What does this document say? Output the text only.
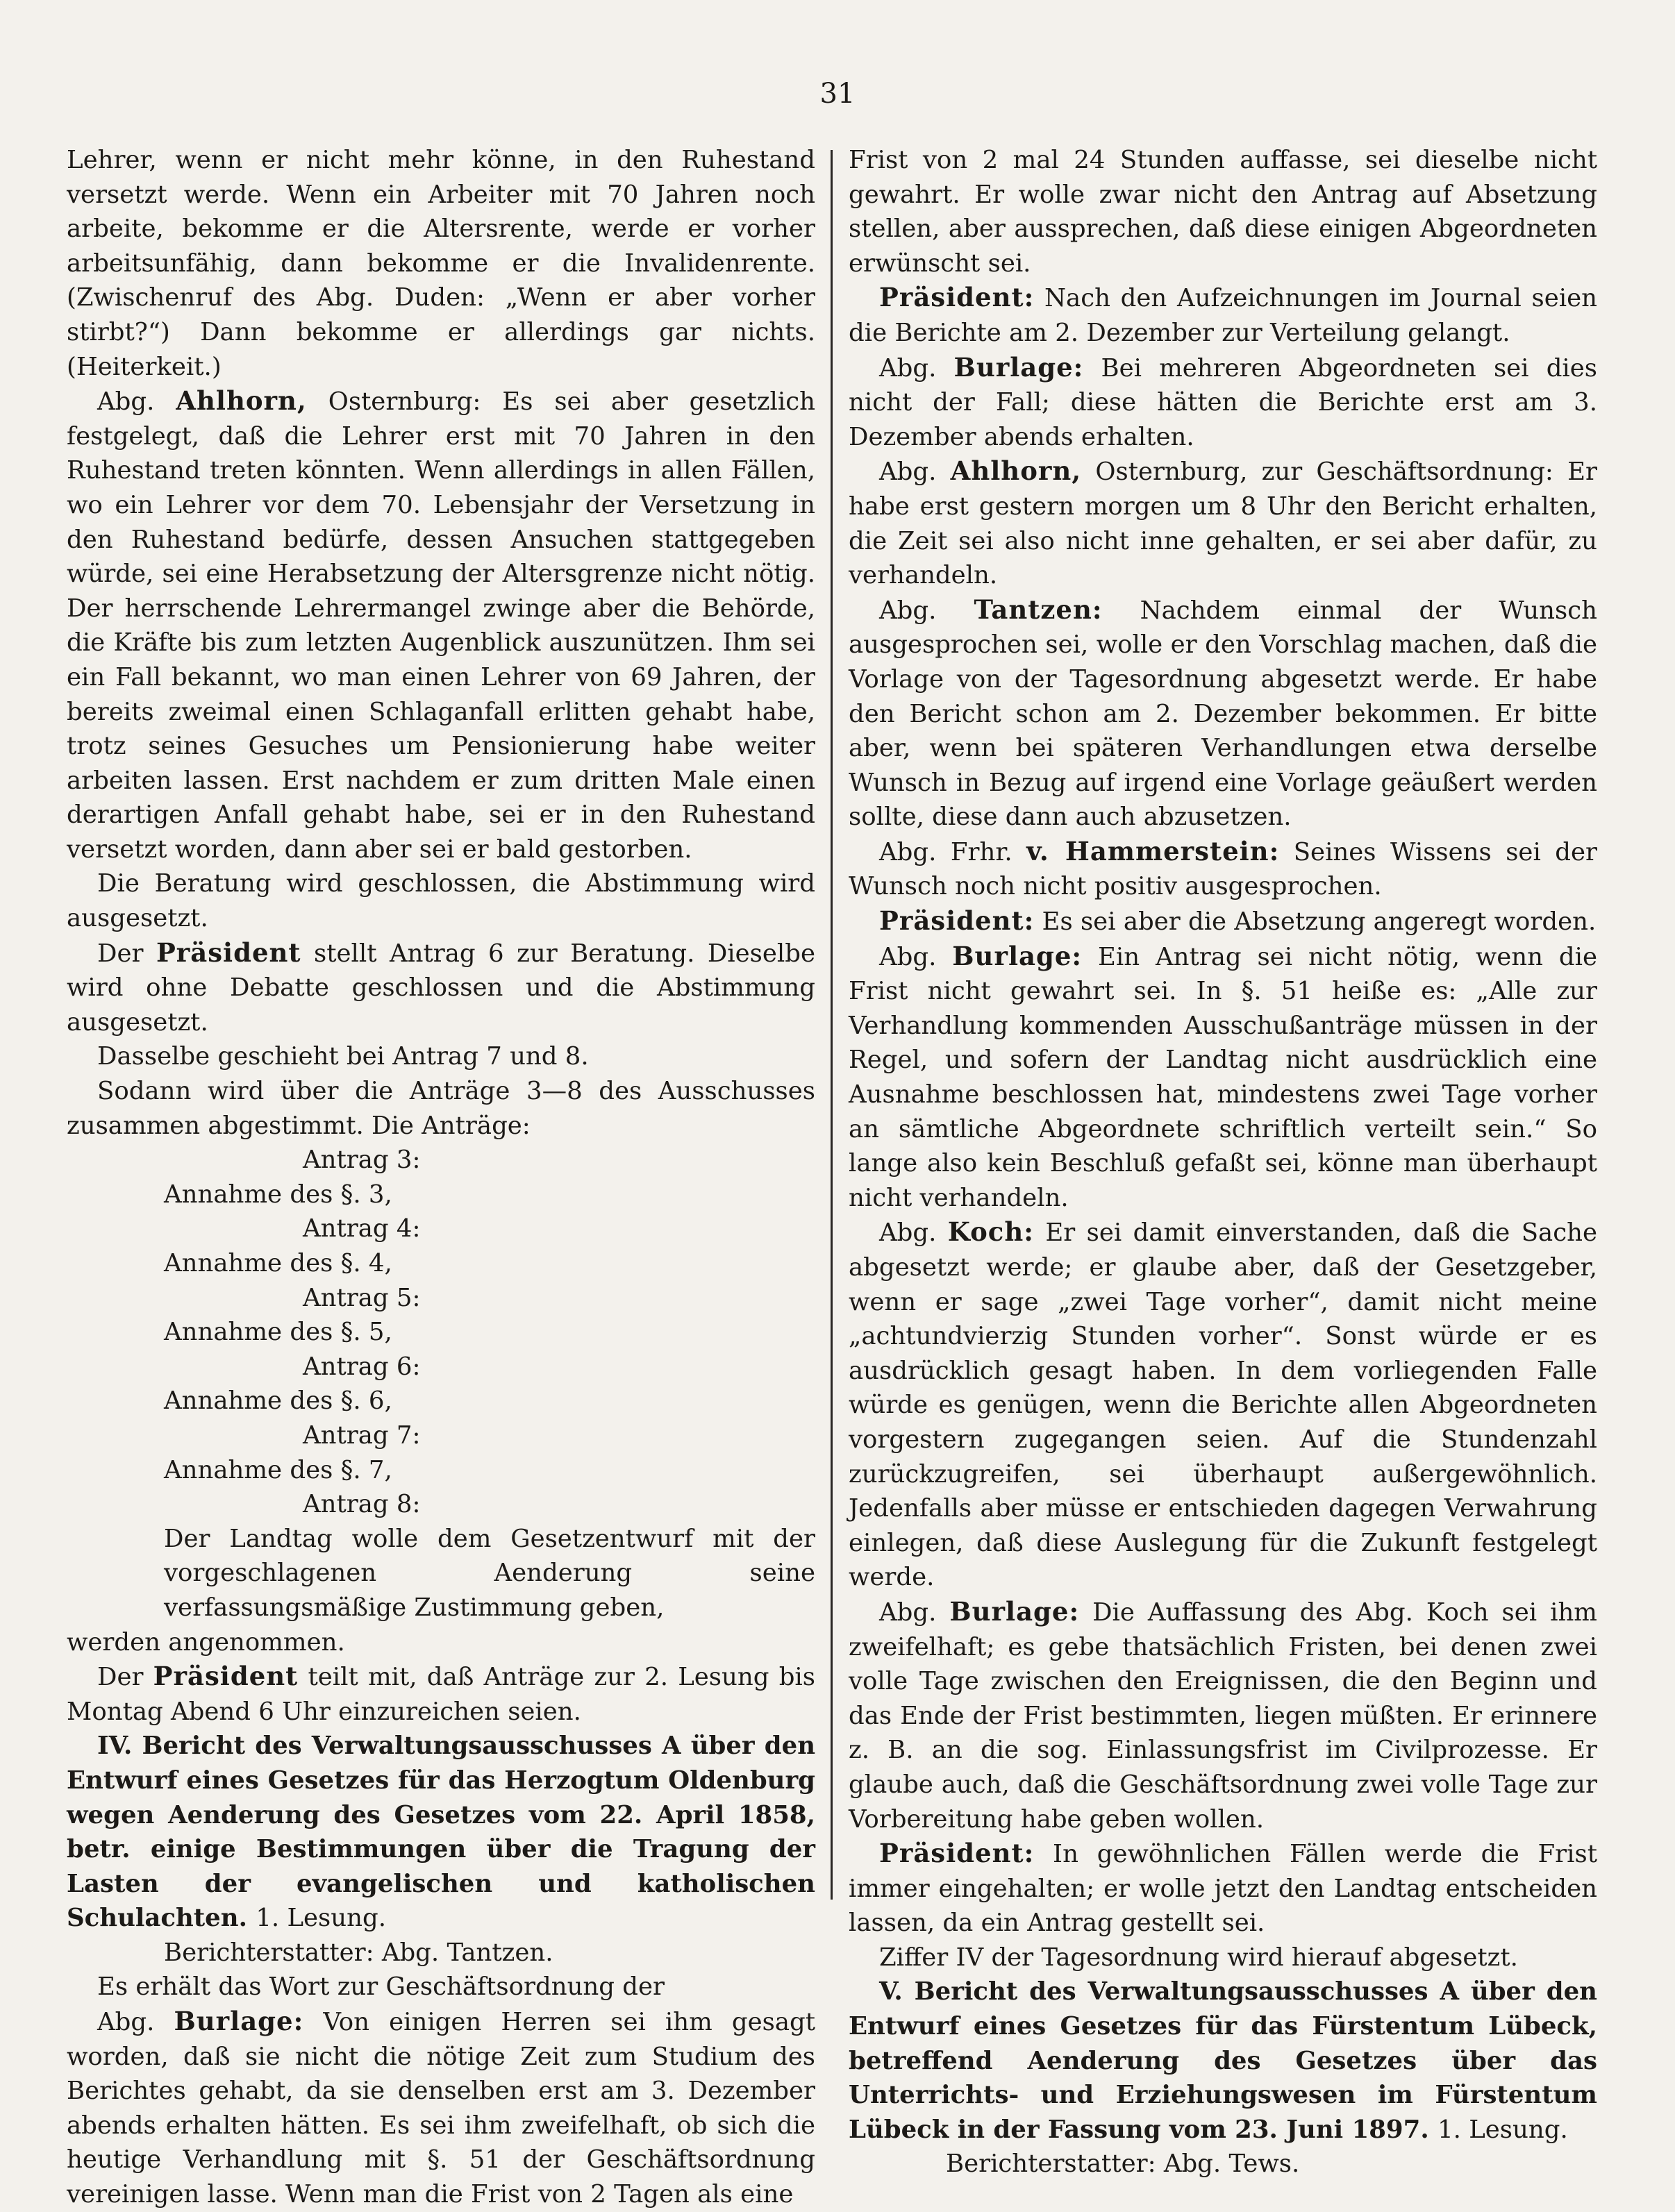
31

Lehrer, wenn er nicht mehr könne, in den Ruhestand versetzt werde. Wenn ein Arbeiter mit 70 Jahren noch arbeite, bekomme er die Altersrente, werde er vorher arbeitsunfähig, dann bekomme er die Invalidenrente. (Zwischenruf des Abg. Duden: „Wenn er aber vorher stirbt?“) Dann bekomme er allerdings gar nichts. (Heiterkeit.)

Abg. Ahlhorn, Osternburg: Es sei aber gesetzlich festgelegt, daß die Lehrer erst mit 70 Jahren in den Ruhestand treten könnten. Wenn allerdings in allen Fällen, wo ein Lehrer vor dem 70. Lebensjahr der Versetzung in den Ruhestand bedürfe, dessen Ansuchen stattgegeben würde, sei eine Herabsetzung der Altersgrenze nicht nötig. Der herrschende Lehrermangel zwinge aber die Behörde, die Kräfte bis zum letzten Augenblick auszunützen. Ihm sei ein Fall bekannt, wo man einen Lehrer von 69 Jahren, der bereits zweimal einen Schlaganfall erlitten gehabt habe, trotz seines Gesuches um Pensionierung habe weiter arbeiten lassen. Erst nachdem er zum dritten Male einen derartigen Anfall gehabt habe, sei er in den Ruhestand versetzt worden, dann aber sei er bald gestorben.

Die Beratung wird geschlossen, die Abstimmung wird ausgesetzt.

Der Präsident stellt Antrag 6 zur Beratung. Dieselbe wird ohne Debatte geschlossen und die Abstimmung ausgesetzt.

Dasselbe geschieht bei Antrag 7 und 8.

Sodann wird über die Anträge 3—8 des Ausschusses zusammen abgestimmt. Die Anträge:

Antrag 3:
Annahme des §. 3,
Antrag 4:
Annahme des §. 4,
Antrag 5:
Annahme des §. 5,
Antrag 6:
Annahme des §. 6,
Antrag 7:
Annahme des §. 7,
Antrag 8:

Der Landtag wolle dem Gesetzentwurf mit der vorgeschlagenen Aenderung seine verfassungsmäßige Zustimmung geben,

werden angenommen.

Der Präsident teilt mit, daß Anträge zur 2. Lesung bis Montag Abend 6 Uhr einzureichen seien.

IV. Bericht des Verwaltungsausschusses A über den Entwurf eines Gesetzes für das Herzogtum Oldenburg wegen Aenderung des Gesetzes vom 22. April 1858, betr. einige Bestimmungen über die Tragung der Lasten der evangelischen und katholischen Schulachten. 1. Lesung.

Berichterstatter: Abg. Tantzen.

Es erhält das Wort zur Geschäftsordnung der

Abg. Burlage: Von einigen Herren sei ihm gesagt worden, daß sie nicht die nötige Zeit zum Studium des Berichtes gehabt, da sie denselben erst am 3. Dezember abends erhalten hätten. Es sei ihm zweifelhaft, ob sich die heutige Verhandlung mit §. 51 der Geschäftsordnung vereinigen lasse. Wenn man die Frist von 2 Tagen als eine

Frist von 2 mal 24 Stunden auffasse, sei dieselbe nicht gewahrt. Er wolle zwar nicht den Antrag auf Absetzung stellen, aber aussprechen, daß diese einigen Abgeordneten erwünscht sei.

Präsident: Nach den Aufzeichnungen im Journal seien die Berichte am 2. Dezember zur Verteilung gelangt.

Abg. Burlage: Bei mehreren Abgeordneten sei dies nicht der Fall; diese hätten die Berichte erst am 3. Dezember abends erhalten.

Abg. Ahlhorn, Osternburg, zur Geschäftsordnung: Er habe erst gestern morgen um 8 Uhr den Bericht erhalten, die Zeit sei also nicht inne gehalten, er sei aber dafür, zu verhandeln.

Abg. Tantzen: Nachdem einmal der Wunsch ausgesprochen sei, wolle er den Vorschlag machen, daß die Vorlage von der Tagesordnung abgesetzt werde. Er habe den Bericht schon am 2. Dezember bekommen. Er bitte aber, wenn bei späteren Verhandlungen etwa derselbe Wunsch in Bezug auf irgend eine Vorlage geäußert werden sollte, diese dann auch abzusetzen.

Abg. Frhr. v. Hammerstein: Seines Wissens sei der Wunsch noch nicht positiv ausgesprochen.

Präsident: Es sei aber die Absetzung angeregt worden.

Abg. Burlage: Ein Antrag sei nicht nötig, wenn die Frist nicht gewahrt sei. In §. 51 heiße es: „Alle zur Verhandlung kommenden Ausschußanträge müssen in der Regel, und sofern der Landtag nicht ausdrücklich eine Ausnahme beschlossen hat, mindestens zwei Tage vorher an sämtliche Abgeordnete schriftlich verteilt sein.“ So lange also kein Beschluß gefaßt sei, könne man überhaupt nicht verhandeln.

Abg. Koch: Er sei damit einverstanden, daß die Sache abgesetzt werde; er glaube aber, daß der Gesetzgeber, wenn er sage „zwei Tage vorher“, damit nicht meine „achtundvierzig Stunden vorher“. Sonst würde er es ausdrücklich gesagt haben. In dem vorliegenden Falle würde es genügen, wenn die Berichte allen Abgeordneten vorgestern zugegangen seien. Auf die Stundenzahl zurückzugreifen, sei überhaupt außergewöhnlich. Jedenfalls aber müsse er entschieden dagegen Verwahrung einlegen, daß diese Auslegung für die Zukunft festgelegt werde.

Abg. Burlage: Die Auffassung des Abg. Koch sei ihm zweifelhaft; es gebe thatsächlich Fristen, bei denen zwei volle Tage zwischen den Ereignissen, die den Beginn und das Ende der Frist bestimmten, liegen müßten. Er erinnere z. B. an die sog. Einlassungsfrist im Civilprozesse. Er glaube auch, daß die Geschäftsordnung zwei volle Tage zur Vorbereitung habe geben wollen.

Präsident: In gewöhnlichen Fällen werde die Frist immer eingehalten; er wolle jetzt den Landtag entscheiden lassen, da ein Antrag gestellt sei.

Ziffer IV der Tagesordnung wird hierauf abgesetzt.

V. Bericht des Verwaltungsausschusses A über den Entwurf eines Gesetzes für das Fürstentum Lübeck, betreffend Aenderung des Gesetzes über das Unterrichts- und Erziehungswesen im Fürstentum Lübeck in der Fassung vom 23. Juni 1897. 1. Lesung.

Berichterstatter: Abg. Tews.
